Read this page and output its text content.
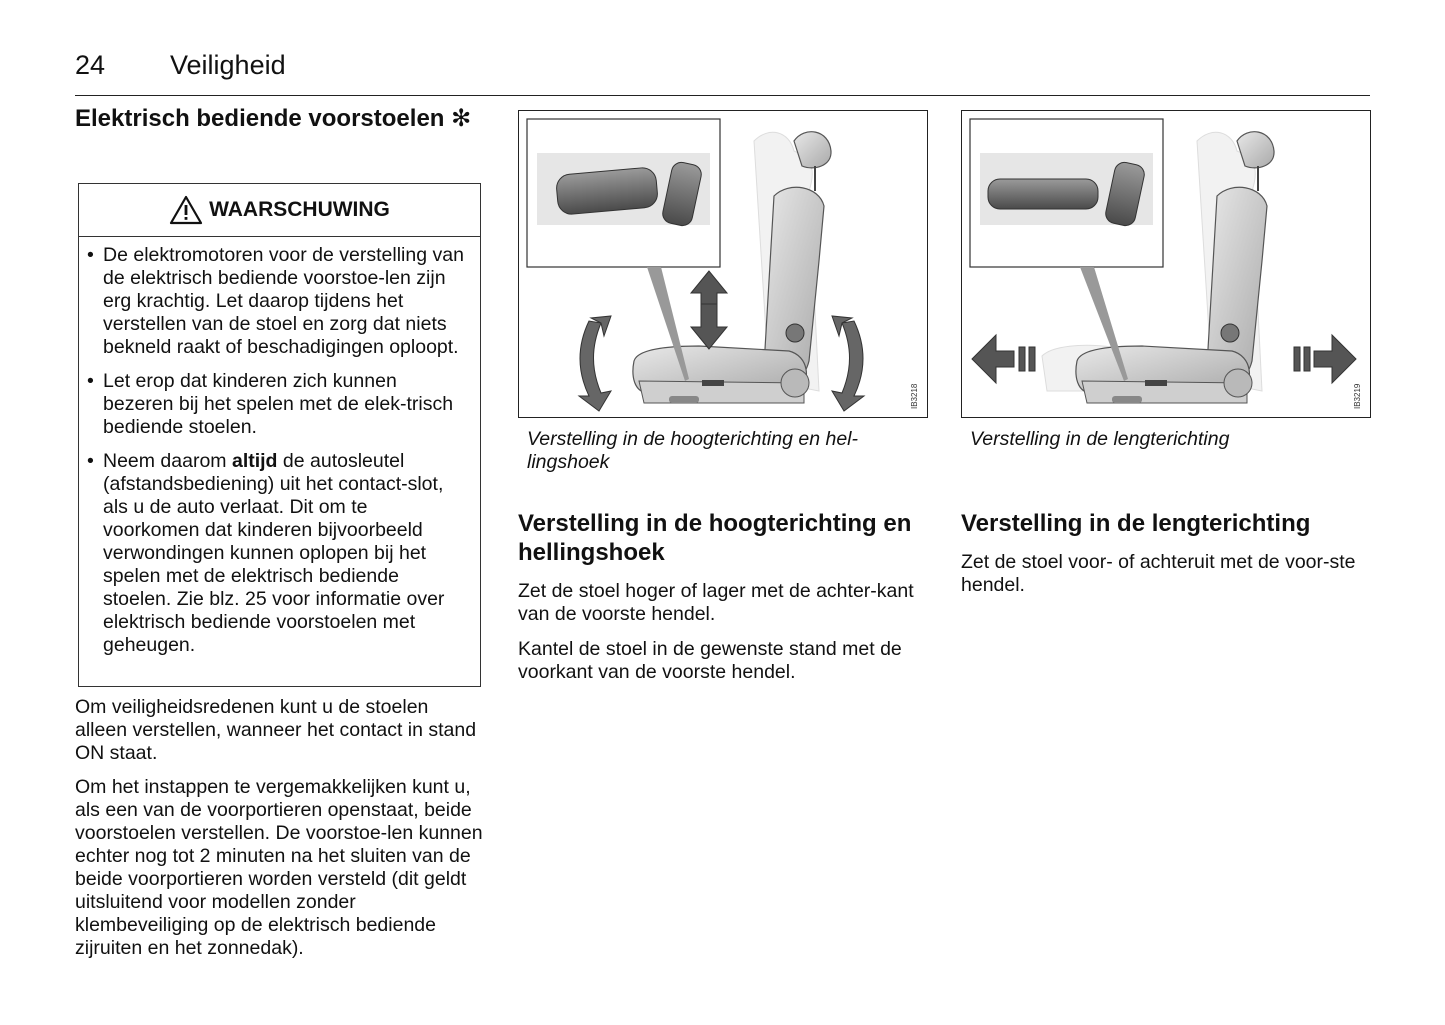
24 Veiligheid
Elektrisch bediende voorstoelen ✻
WAARSCHUWING
• De elektromotoren voor de verstelling van de elektrisch bediende voorstoe-len zijn erg krachtig. Let daarop tijdens het verstellen van de stoel en zorg dat niets bekneld raakt of beschadigingen oploopt.
• Let erop dat kinderen zich kunnen bezeren bij het spelen met de elek-trisch bediende stoelen.
• Neem daarom altijd de autosleutel (afstandsbediening) uit het contact-slot, als u de auto verlaat. Dit om te voorkomen dat kinderen bijvoorbeeld verwondingen kunnen oplopen bij het spelen met de elektrisch bediende stoelen. Zie blz. 25 voor informatie over elektrisch bediende voorstoelen met geheugen.
Om veiligheidsredenen kunt u de stoelen alleen verstellen, wanneer het contact in stand ON staat.
Om het instappen te vergemakkelijken kunt u, als een van de voorportieren openstaat, beide voorstoelen verstellen. De voorstoe-len kunnen echter nog tot 2 minuten na het sluiten van de beide voorportieren worden versteld (dit geldt uitsluitend voor modellen zonder klembeveiliging op de elektrisch bediende zijruiten en het zonnedak).
IB3218	IB3219
Verstelling in de hoogterichting en hel-lingshoek
Verstelling in de lengterichting
Verstelling in de hoogterichting en hellingshoek
Zet de stoel hoger of lager met de achter-kant van de voorste hendel.
Kantel de stoel in de gewenste stand met de voorkant van de voorste hendel.
Verstelling in de lengterichting
Zet de stoel voor- of achteruit met de voor-ste hendel.
